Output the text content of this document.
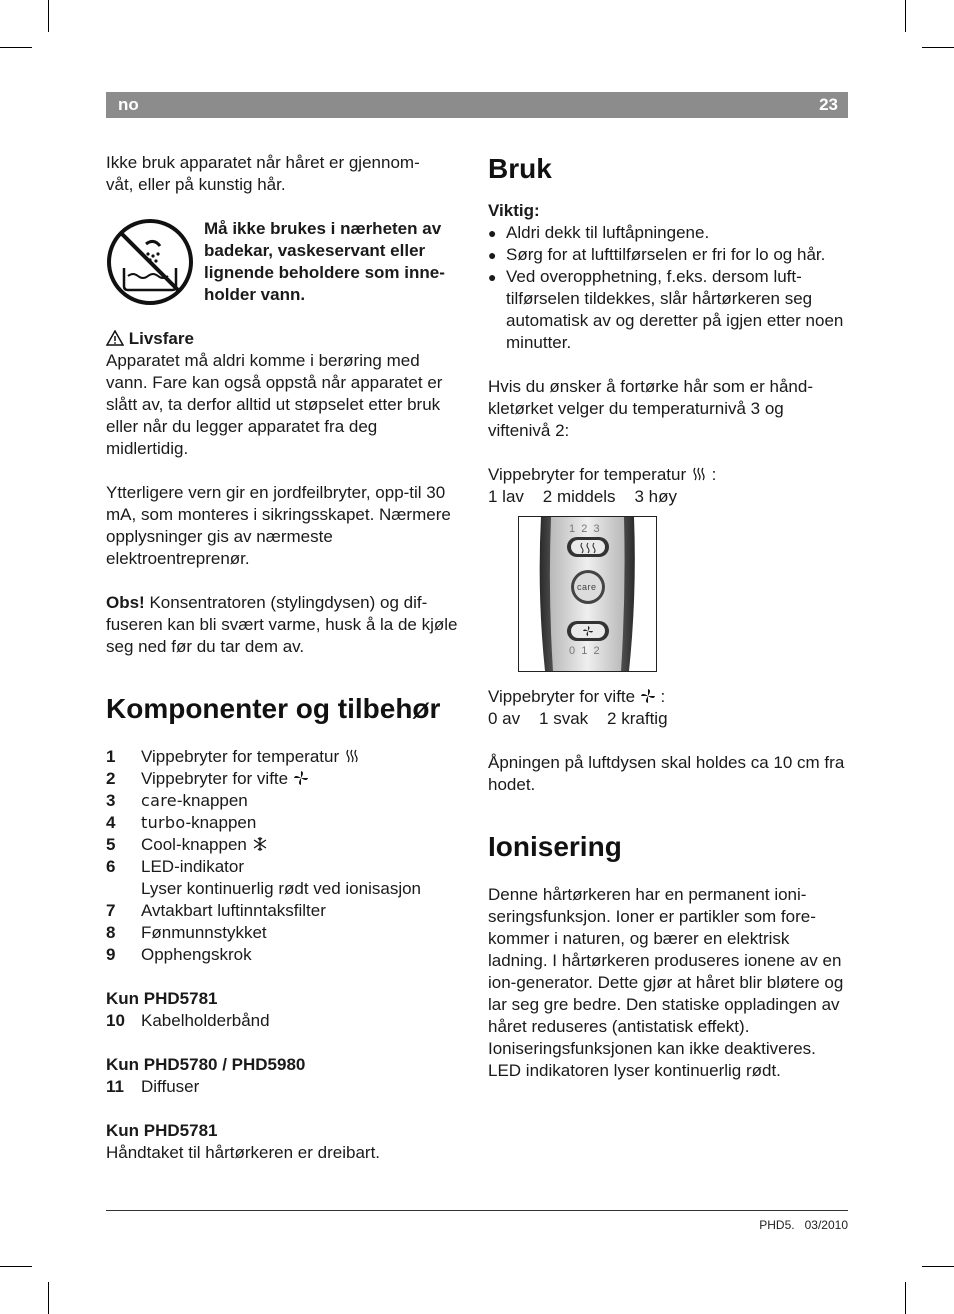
no	23

Ikke bruk apparatet når håret er gjennom-
våt, eller på kunstig hår.

Må ikke brukes i nærheten av badekar, vaskeservant eller lignende beholdere som inne-holder vann.

Livsfare

Apparatet må aldri komme i berøring med vann. Fare kan også oppstå når apparatet er slått av, ta derfor alltid ut støpselet etter bruk eller når du legger apparatet fra deg midlertidig.

Ytterligere vern gir en jordfeilbryter, opp-til 30 mA, som monteres i sikringsskapet. Nærmere opplysninger gis av nærmeste elektroentreprenør.

Obs! Konsentratoren (stylingdysen) og dif-fuseren kan bli svært varme, husk å la de kjøle seg ned før du tar dem av.

Komponenter og tilbehør
1	Vippebryter for temperatur
2	Vippebryter for vifte
3	care-knappen
4	turbo-knappen
5	Cool-knappen
6	LED-indikator
Lyser kontinuerlig rødt ved ionisasjon
7	Avtakbart luftinntaksfilter
8	Fønmunnstykket
9	Opphengskrok

Kun PHD5781

10 Kabelholderbånd

Kun PHD5780 / PHD5980

11	Diffuser

Kun PHD5781

Håndtaket til hårtørkeren er dreibart.

Bruk

Viktig:

● Aldri dekk til luftåpningene.
● Sørg for at lufttilførselen er fri for lo og hår.
● Ved overopphetning, f.eks. dersom luft-tilførselen tildekkes, slår hårtørkeren seg automatisk av og deretter på igjen etter noen minutter.

Hvis du ønsker å fortørke hår som er hånd-kletørket velger du temperaturnivå 3 og viftenivå 2:

Vippebryter for temperatur  :

1 lav    2 middels    3 høy

1  2  3
care
0  1  2

Vippebryter for vifte  :

0 av    1 svak    2 kraftig

Åpningen på luftdysen skal holdes ca 10 cm fra hodet.

Ionisering

Denne hårtørkeren har en permanent ioni-seringsfunksjon. Ioner er partikler som fore-kommer i naturen, og bærer en elektrisk ladning. I hårtørkeren produseres ionene av en ion-generator. Dette gjør at håret blir bløtere og lar seg gre bedre. Den statiske oppladingen av håret reduseres (antistatisk effekt).

Ioniseringsfunksjonen kan ikke deaktiveres. LED indikatoren lyser kontinuerlig rødt.

PHD5. 03/2010
